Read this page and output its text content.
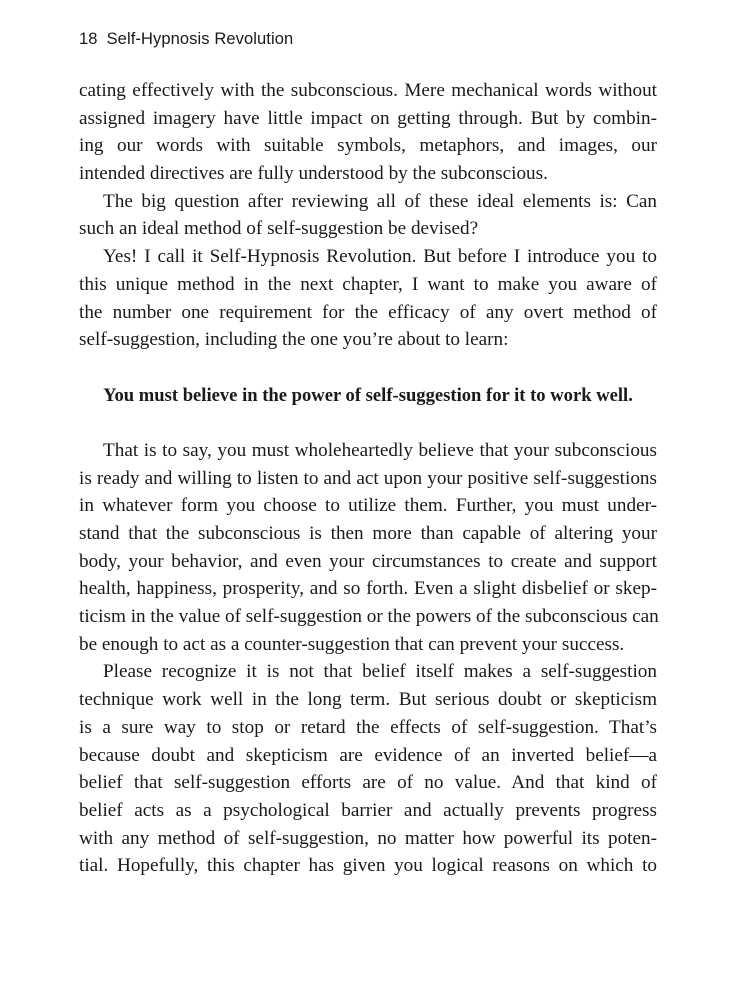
18 Self-Hypnosis Revolution
cating effectively with the subconscious. Mere mechanical words without
assigned imagery have little impact on getting through. But by combin-
ing our words with suitable symbols, metaphors, and images, our
intended directives are fully understood by the subconscious.
The big question after reviewing all of these ideal elements is: Can
such an ideal method of self-suggestion be devised?
Yes! I call it Self-Hypnosis Revolution. But before I introduce you to
this unique method in the next chapter, I want to make you aware of
the number one requirement for the efficacy of any overt method of
self-suggestion, including the one you’re about to learn:
You must believe in the power of self-suggestion for it to work well.
That is to say, you must wholeheartedly believe that your subconscious
is ready and willing to listen to and act upon your positive self-suggestions
in whatever form you choose to utilize them. Further, you must under-
stand that the subconscious is then more than capable of altering your
body, your behavior, and even your circumstances to create and support
health, happiness, prosperity, and so forth. Even a slight disbelief or skep-
ticism in the value of self-suggestion or the powers of the subconscious can
be enough to act as a counter-suggestion that can prevent your success.
Please recognize it is not that belief itself makes a self-suggestion
technique work well in the long term. But serious doubt or skepticism
is a sure way to stop or retard the effects of self-suggestion. That’s
because doubt and skepticism are evidence of an inverted belief—a
belief that self-suggestion efforts are of no value. And that kind of
belief acts as a psychological barrier and actually prevents progress
with any method of self-suggestion, no matter how powerful its poten-
tial. Hopefully, this chapter has given you logical reasons on which to
